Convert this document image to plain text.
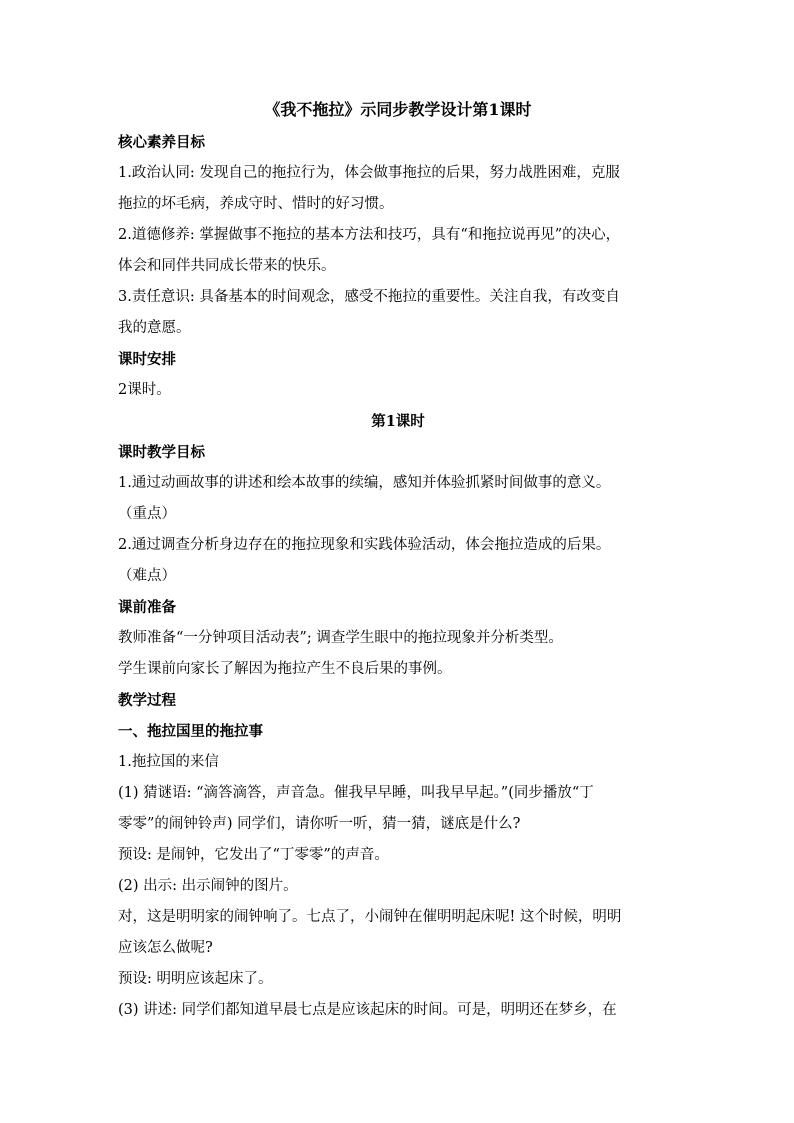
《我不拖拉》示同步教学设计第1课时
核心素养目标
1.政治认同: 发现自己的拖拉行为，体会做事拖拉的后果，努力战胜困难，克服
拖拉的坏毛病，养成守时、惜时的好习惯。
2.道德修养: 掌握做事不拖拉的基本方法和技巧，具有“和拖拉说再见”的决心，
体会和同伴共同成长带来的快乐。
3.责任意识: 具备基本的时间观念，感受不拖拉的重要性。关注自我，有改变自
我的意愿。
课时安排
2课时。
第1课时
课时教学目标
1.通过动画故事的讲述和绘本故事的续编，感知并体验抓紧时间做事的意义。
（重点）
2.通过调查分析身边存在的拖拉现象和实践体验活动，体会拖拉造成的后果。
（难点）
课前准备
教师准备“一分钟项目活动表”; 调查学生眼中的拖拉现象并分析类型。
学生课前向家长了解因为拖拉产生不良后果的事例。
教学过程
一、拖拉国里的拖拉事
1.拖拉国的来信
(1) 猜谜语: “滴答滴答，声音急。催我早早睡，叫我早早起。”(同步播放“丁
零零”的闹钟铃声) 同学们，请你听一听，猜一猜，谜底是什么?
预设: 是闹钟，它发出了“丁零零”的声音。
(2) 出示: 出示闹钟的图片。
对，这是明明家的闹钟响了。七点了，小闹钟在催明明起床呢! 这个时候，明明
应该怎么做呢?
预设: 明明应该起床了。
(3) 讲述: 同学们都知道早晨七点是应该起床的时间。可是，明明还在梦乡，在
